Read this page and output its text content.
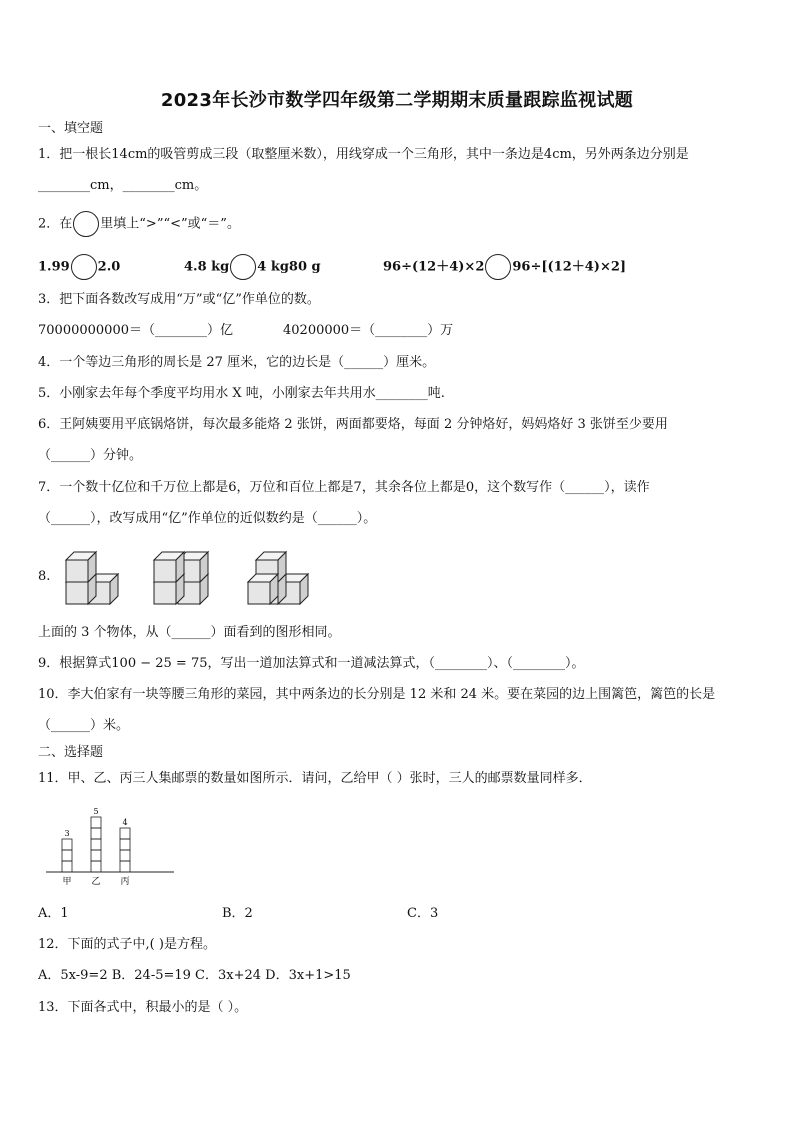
2023年长沙市数学四年级第二学期期末质量跟踪监视试题
一、填空题
1．把一根长14cm的吸管剪成三段（取整厘米数），用线穿成一个三角形，其中一条边是4cm，另外两条边分别是
________cm，________cm。
2．在 里填上“>”“<”或“＝”。
1.99 2.0	4.8 kg 4 kg80 g	96÷(12＋4)×2 96÷[(12＋4)×2]
3．把下面各数改写成用“万”或“亿”作单位的数。
70000000000＝（________）亿	40200000＝（________）万
4．一个等边三角形的周长是 27 厘米，它的边长是（______）厘米。
5．小刚家去年每个季度平均用水 X 吨，小刚家去年共用水________吨.
6．王阿姨要用平底锅烙饼，每次最多能烙 2 张饼，两面都要烙，每面 2 分钟烙好，妈妈烙好 3 张饼至少要用
（______）分钟。
7．一个数十亿位和千万位上都是6，万位和百位上都是7，其余各位上都是0，这个数写作（______），读作
（______），改写成用“亿”作单位的近似数约是（______）。
8.
上面的 3 个物体，从（______）面看到的图形相同。
9．根据算式100 − 25 = 75，写出一道加法算式和一道减法算式，（________）、（________）。
10．李大伯家有一块等腰三角形的菜园，其中两条边的长分别是 12 米和 24 米。要在菜园的边上围篱笆，篱笆的长是
（______）米。
二、选择题
11．甲、乙、丙三人集邮票的数量如图所示．请问，乙给甲（ ）张时，三人的邮票数量同样多．
3
甲
5
乙
4
丙
A．1	B．2	C．3
12．下面的式子中,( )是方程。
A．5x-9=2 B．24-5=19 C．3x+24 D．3x+1>15
13．下面各式中，积最小的是（ ）。
